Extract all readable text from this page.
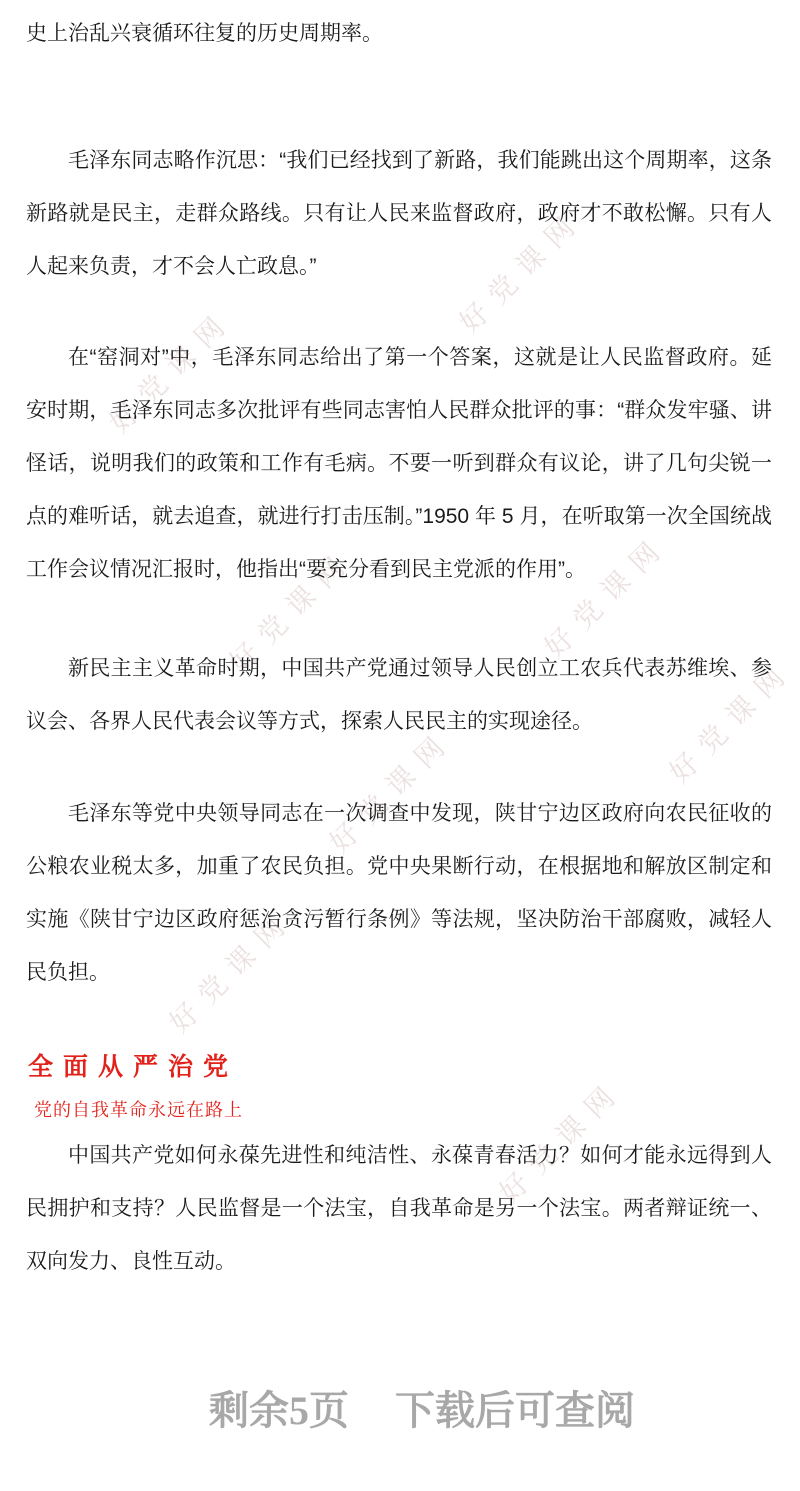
好党课网
好党课网
好党课网	好党课网
好党课网
好党课网
好党课网
好党课网

史上治乱兴衰循环往复的历史周期率。

毛泽东同志略作沉思：“我们已经找到了新路，我们能跳出这个周期率，这条新路就是民主，走群众路线。只有让人民来监督政府，政府才不敢松懈。只有人人起来负责，才不会人亡政息。”

在“窑洞对”中，毛泽东同志给出了第一个答案，这就是让人民监督政府。延安时期，毛泽东同志多次批评有些同志害怕人民群众批评的事：“群众发牢骚、讲怪话，说明我们的政策和工作有毛病。不要一听到群众有议论，讲了几句尖锐一点的难听话，就去追查，就进行打击压制。”1950 年 5 月，在听取第一次全国统战工作会议情况汇报时，他指出“要充分看到民主党派的作用”。

新民主主义革命时期，中国共产党通过领导人民创立工农兵代表苏维埃、参议会、各界人民代表会议等方式，探索人民民主的实现途径。

毛泽东等党中央领导同志在一次调查中发现，陕甘宁边区政府向农民征收的公粮农业税太多，加重了农民负担。党中央果断行动，在根据地和解放区制定和实施《陕甘宁边区政府惩治贪污暂行条例》等法规，坚决防治干部腐败，减轻人民负担。

全面从严治党
党的自我革命永远在路上

中国共产党如何永葆先进性和纯洁性、永葆青春活力？如何才能永远得到人民拥护和支持？人民监督是一个法宝，自我革命是另一个法宝。两者辩证统一、双向发力、良性互动。

剩余5页 下载后可查阅
